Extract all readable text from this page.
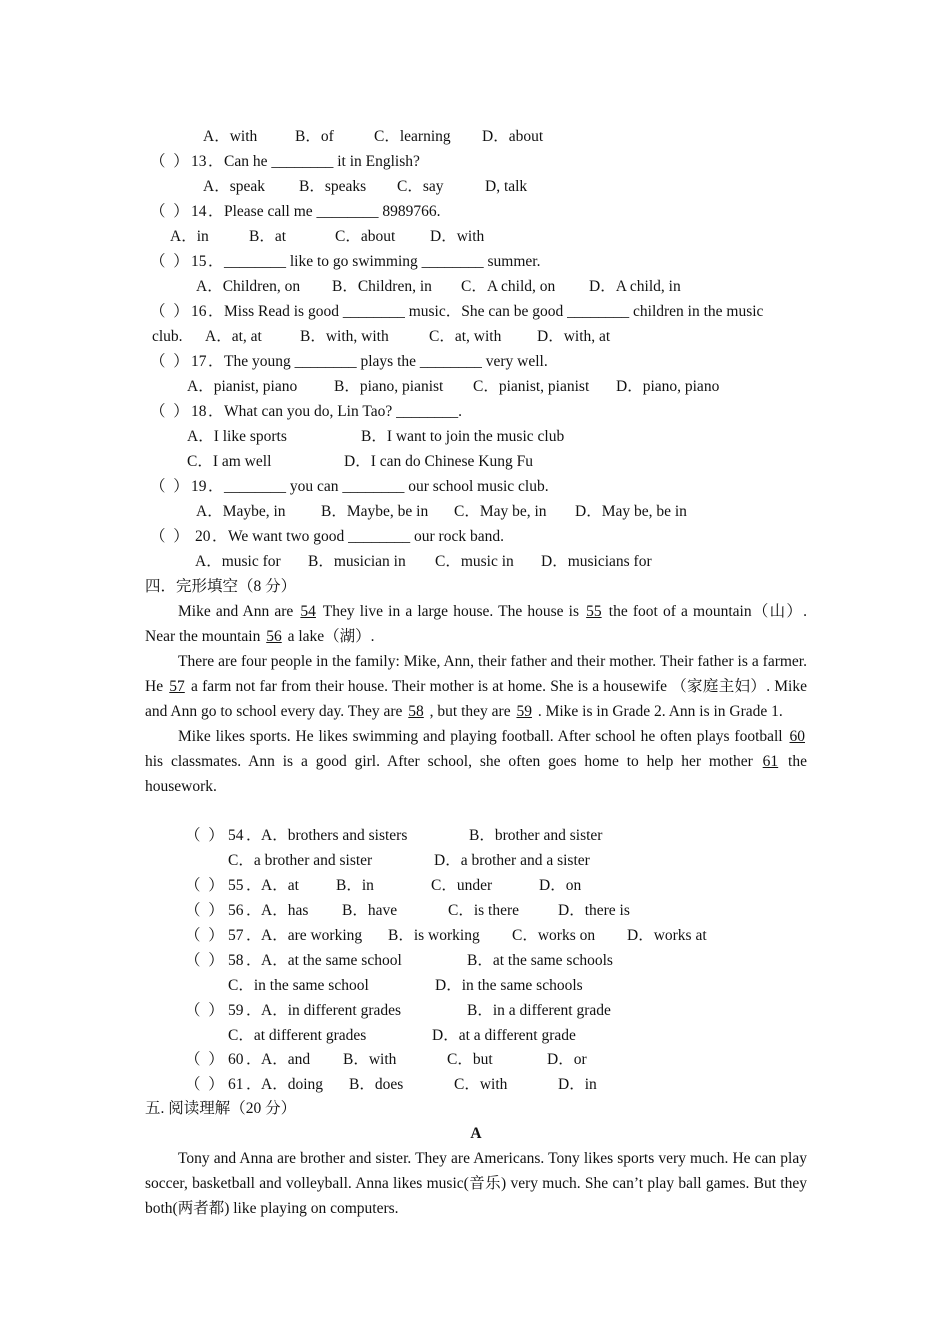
A．with B．of	C．learning D．about
（  ） 13 ． Can he ________ it in English?
A．speak B．speaks C．say	D, talk
（  ） 14 ． Please call me ________ 8989766.
A．in	B．at	C．about D．with
（  ） 15 ． ________ like to go swimming ________ summer.
A．Children, on B．Children, in C．A child, on D．A child, in
（  ） 16 ． Miss Read is good ________ music．She can be good ________ children in the music
club. A．at, at B．with, with	C．at, with D．with, at
（  ） 17 ． The young ________ plays the ________ very well.
A．pianist, piano B．piano, pianist C．pianist, pianist D．piano, piano
（  ） 18 ． What can you do, Lin Tao? ________.
A．I like sports	B．I want to join the music club
C．I am well	D．I can do Chinese Kung Fu
（  ） 19 ． ________ you can ________ our school music club.
A．Maybe, in B．Maybe, be in C．May be, in D．May be, be in
（  ） 20 ． We want two good ________ our rock band.
A．music for B．musician in C．music in D．musicians for
四．完形填空（8 分）

Mike and Ann are 54 They live in a large house. The house is 55 the foot of a mountain（山）. Near the mountain 56 a lake（湖）.

There are four people in the family: Mike, Ann, their father and their mother. Their father is a farmer. He 57 a farm not far from their house. Their mother is at home. She is a housewife （家庭主妇）. Mike and Ann go to school every day. They are 58 , but they are 59 . Mike is in Grade 2. Ann is in Grade 1.

Mike likes sports. He likes swimming and playing football. After school he often plays football 60 his classmates. Ann is a good girl. After school, she often goes home to help her mother 61 the housework.

（  ） 54 ． A．brothers and sisters	B．brother and sister
C．a brother and sister	D．a brother and a sister
（  ） 55 ． A．at B．in	C．under	D．on
（  ） 56 ． A．has B．have	C．is there	D．there is
（  ） 57 ． A．are working B．is working C．works on D．works at
（  ） 58 ． A．at the same school	B．at the same schools
C．in the same school	D．in the same schools
（  ） 59 ． A．in different grades	B．in a different grade
C．at different grades	D．at a different grade
（  ） 60 ． A．and B．with	C．but	D．or
（  ） 61 ． A．doing B．does	C．with	D．in
五. 阅读理解（20 分）
A

Tony and Anna are brother and sister. They are Americans. Tony likes sports very much. He can play soccer, basketball and volleyball. Anna likes music(音乐) very much. She can’t play ball games. But they both(两者都) like playing on computers.
